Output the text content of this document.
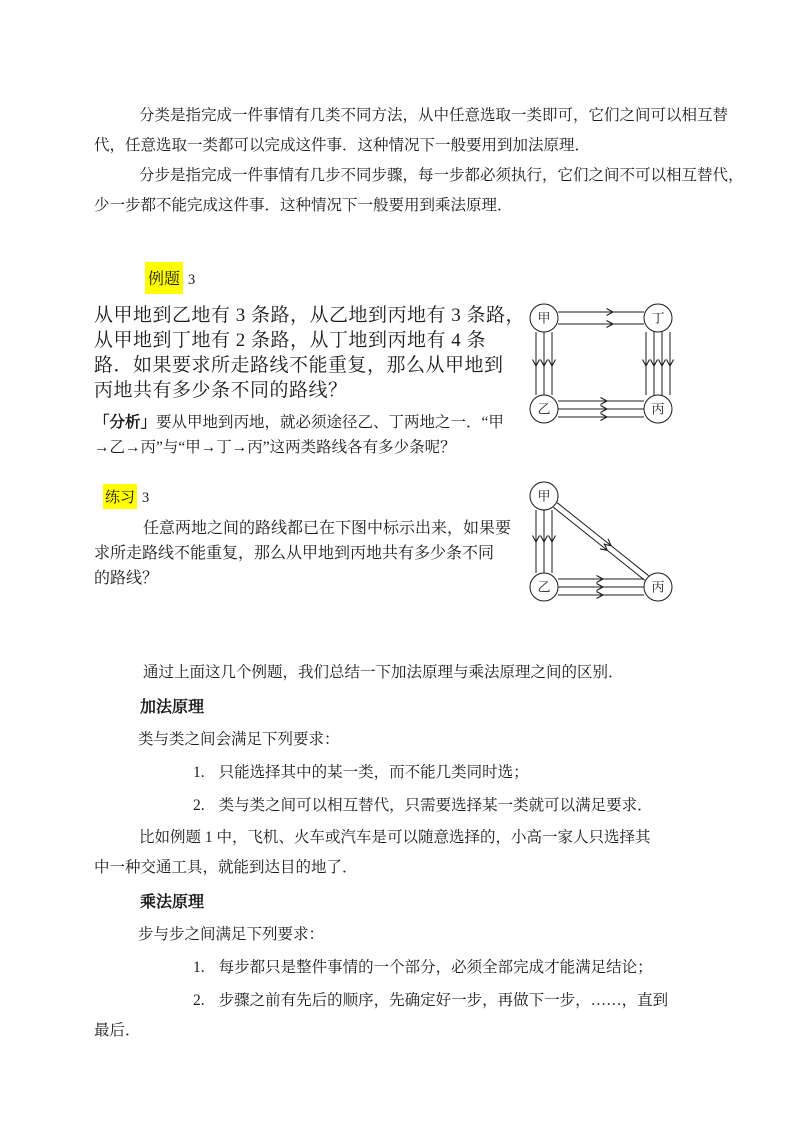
分类是指完成一件事情有几类不同方法，从中任意选取一类即可，它们之间可以相互替
代，任意选取一类都可以完成这件事．这种情况下一般要用到加法原理．
分步是指完成一件事情有几步不同步骤，每一步都必须执行，它们之间不可以相互替代，
少一步都不能完成这件事．这种情况下一般要用到乘法原理．
例题 3
从甲地到乙地有 3 条路，从乙地到丙地有 3 条路，
从甲地到丁地有 2 条路，从丁地到丙地有 4 条
路．如果要求所走路线不能重复，那么从甲地到
丙地共有多少条不同的路线？
「分析」要从甲地到丙地，就必须途径乙、丁两地之一．“甲
→乙→丙”与“甲→丁→丙”这两类路线各有多少条呢？
练习 3
任意两地之间的路线都已在下图中标示出来，如果要
求所走路线不能重复，那么从甲地到丙地共有多少条不同
的路线？
通过上面这几个例题，我们总结一下加法原理与乘法原理之间的区别．
加法原理
类与类之间会满足下列要求：
1. 只能选择其中的某一类，而不能几类同时选；
2. 类与类之间可以相互替代，只需要选择某一类就可以满足要求．
比如例题 1 中，飞机、火车或汽车是可以随意选择的，小高一家人只选择其
中一种交通工具，就能到达目的地了．
乘法原理
步与步之间满足下列要求：
1. 每步都只是整件事情的一个部分，必须全部完成才能满足结论；
2. 步骤之前有先后的顺序，先确定好一步，再做下一步，……，直到
最后．
甲	丁
乙	丙
甲
乙	丙
